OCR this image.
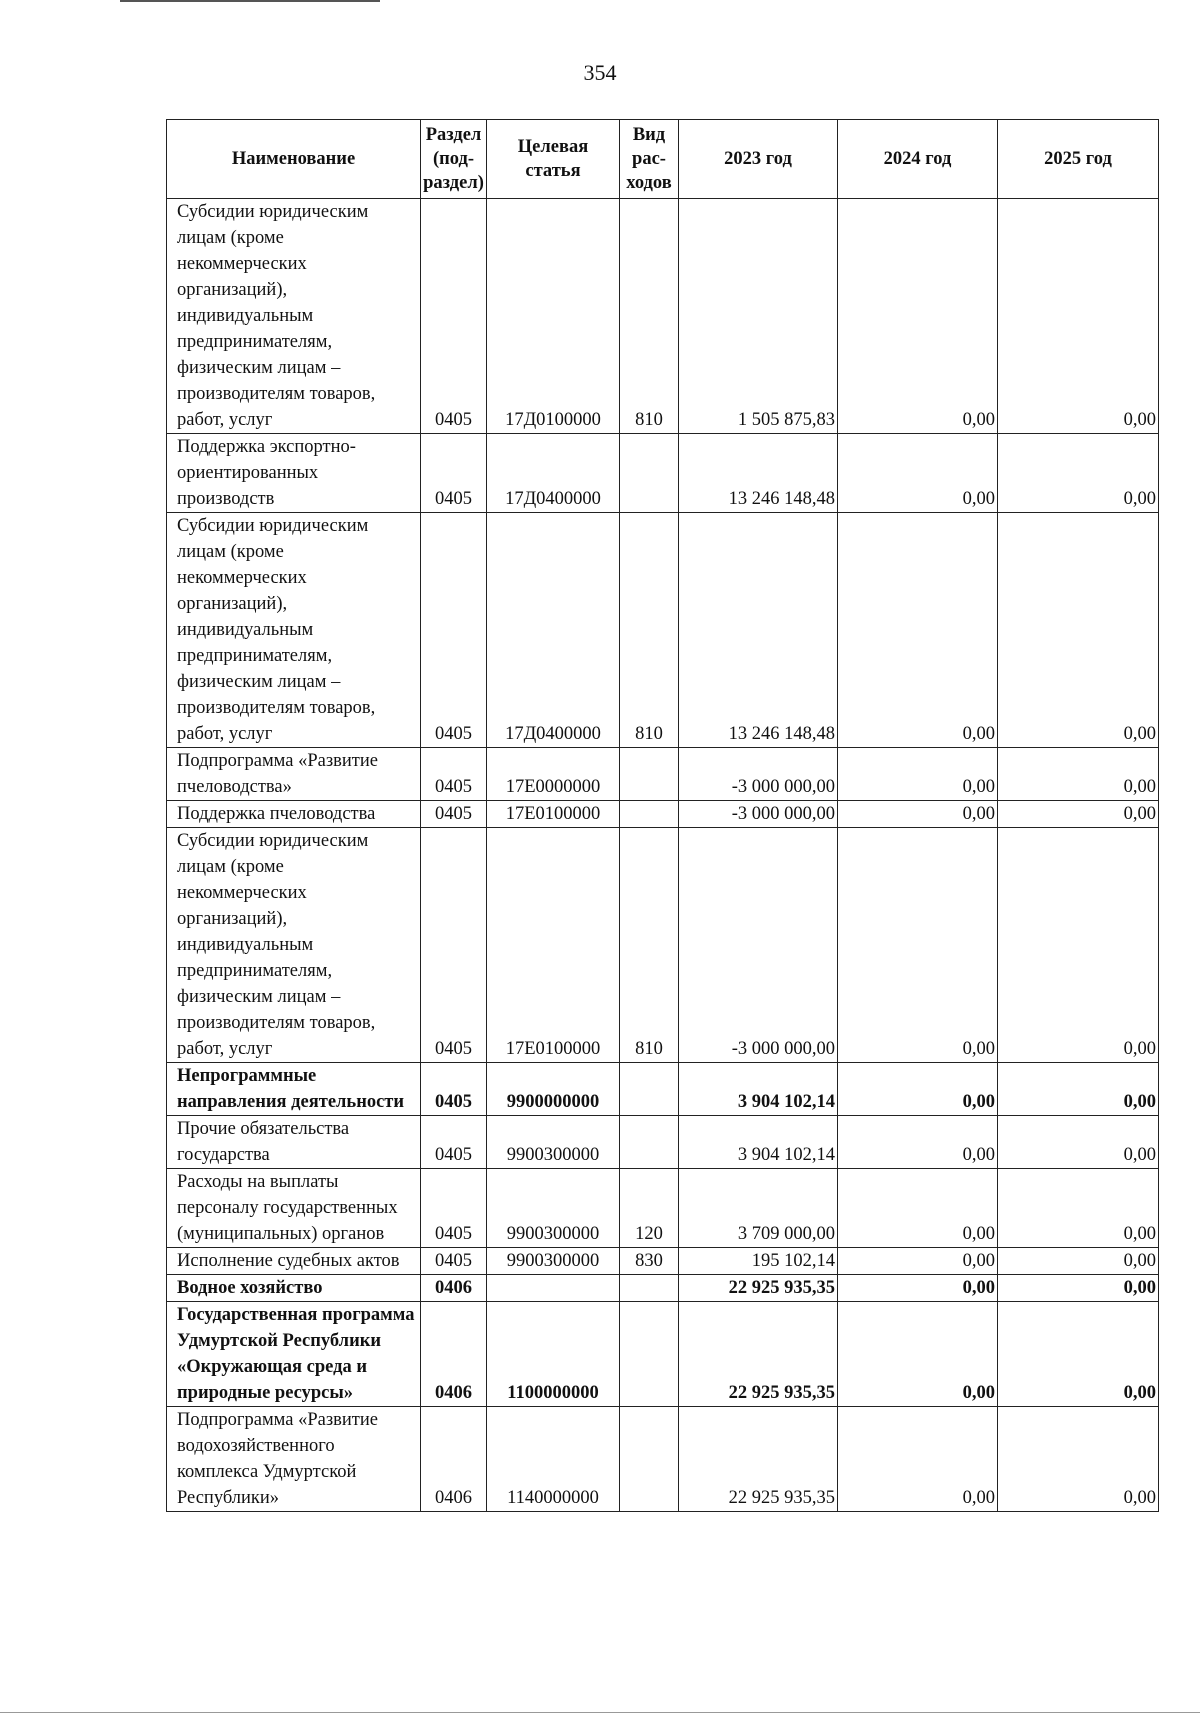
354
Наименование	Раздел (под-раздел)	Целевая статья	Вид рас-ходов	2023 год	2024 год	2025 год
Субсидии юридическим лицам (кроме некоммерческих организаций), индивидуальным предпринимателям, физическим лицам – производителям товаров, работ, услуг	0405	17Д0100000	810	1 505 875,83	0,00	0,00
Поддержка экспортно-ориентированных производств	0405	17Д0400000		13 246 148,48	0,00	0,00
Субсидии юридическим лицам (кроме некоммерческих организаций), индивидуальным предпринимателям, физическим лицам – производителям товаров, работ, услуг	0405	17Д0400000	810	13 246 148,48	0,00	0,00
Подпрограмма «Развитие пчеловодства»	0405	17Е0000000		-3 000 000,00	0,00	0,00
Поддержка пчеловодства	0405	17Е0100000		-3 000 000,00	0,00	0,00
Субсидии юридическим лицам (кроме некоммерческих организаций), индивидуальным предпринимателям, физическим лицам – производителям товаров, работ, услуг	0405	17Е0100000	810	-3 000 000,00	0,00	0,00
Непрограммные направления деятельности	0405	9900000000		3 904 102,14	0,00	0,00
Прочие обязательства государства	0405	9900300000		3 904 102,14	0,00	0,00
Расходы на выплаты персоналу государственных (муниципальных) органов	0405	9900300000	120	3 709 000,00	0,00	0,00
Исполнение судебных актов	0405	9900300000	830	195 102,14	0,00	0,00
Водное хозяйство	0406			22 925 935,35	0,00	0,00
Государственная программа Удмуртской Республики «Окружающая среда и природные ресурсы»	0406	1100000000		22 925 935,35	0,00	0,00
Подпрограмма «Развитие водохозяйственного комплекса Удмуртской Республики»	0406	1140000000		22 925 935,35	0,00	0,00
